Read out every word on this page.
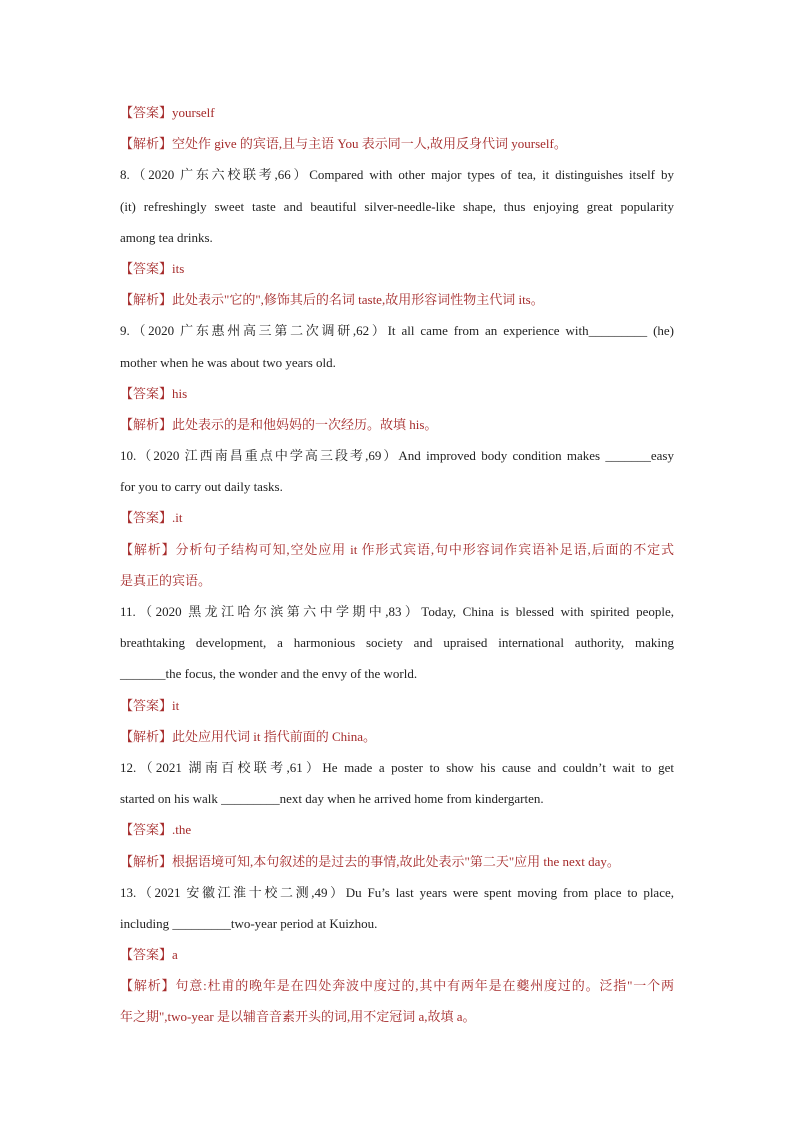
【答案】yourself
【解析】空处作 give 的宾语,且与主语 You 表示同一人,故用反身代词 yourself。
8.（2020 广东六校联考,66）Compared with other major types of tea, it distinguishes itself by
(it) refreshingly sweet taste and beautiful silver-needle-like shape, thus enjoying great popularity
among tea drinks.
【答案】its
【解析】此处表示"它的",修饰其后的名词 taste,故用形容词性物主代词 its。
9.（2020 广东惠州高三第二次调研,62）It all came from an experience with_________ (he)
mother when he was about two years old.
【答案】his
【解析】此处表示的是和他妈妈的一次经历。故填 his。
10.（2020 江西南昌重点中学高三段考,69）And improved body condition makes _______easy
for you to carry out daily tasks.
【答案】.it
【解析】分析句子结构可知,空处应用 it 作形式宾语,句中形容词作宾语补足语,后面的不定式
是真正的宾语。
11.（2020 黑龙江哈尔滨第六中学期中,83）Today, China is blessed with spirited people,
breathtaking development, a harmonious society and upraised international authority, making
_______the focus, the wonder and the envy of the world.
【答案】it
【解析】此处应用代词 it 指代前面的 China。
12.（2021 湖南百校联考,61）He made a poster to show his cause and couldn’t wait to get
started on his walk _________next day when he arrived home from kindergarten.
【答案】.the
【解析】根据语境可知,本句叙述的是过去的事情,故此处表示"第二天"应用 the next day。
13.（2021 安徽江淮十校二测,49）Du Fu’s last years were spent moving from place to place,
including _________two-year period at Kuizhou.
【答案】a
【解析】句意:杜甫的晚年是在四处奔波中度过的,其中有两年是在夔州度过的。泛指"一个两
年之期",two-year 是以辅音音素开头的词,用不定冠词 a,故填 a。
